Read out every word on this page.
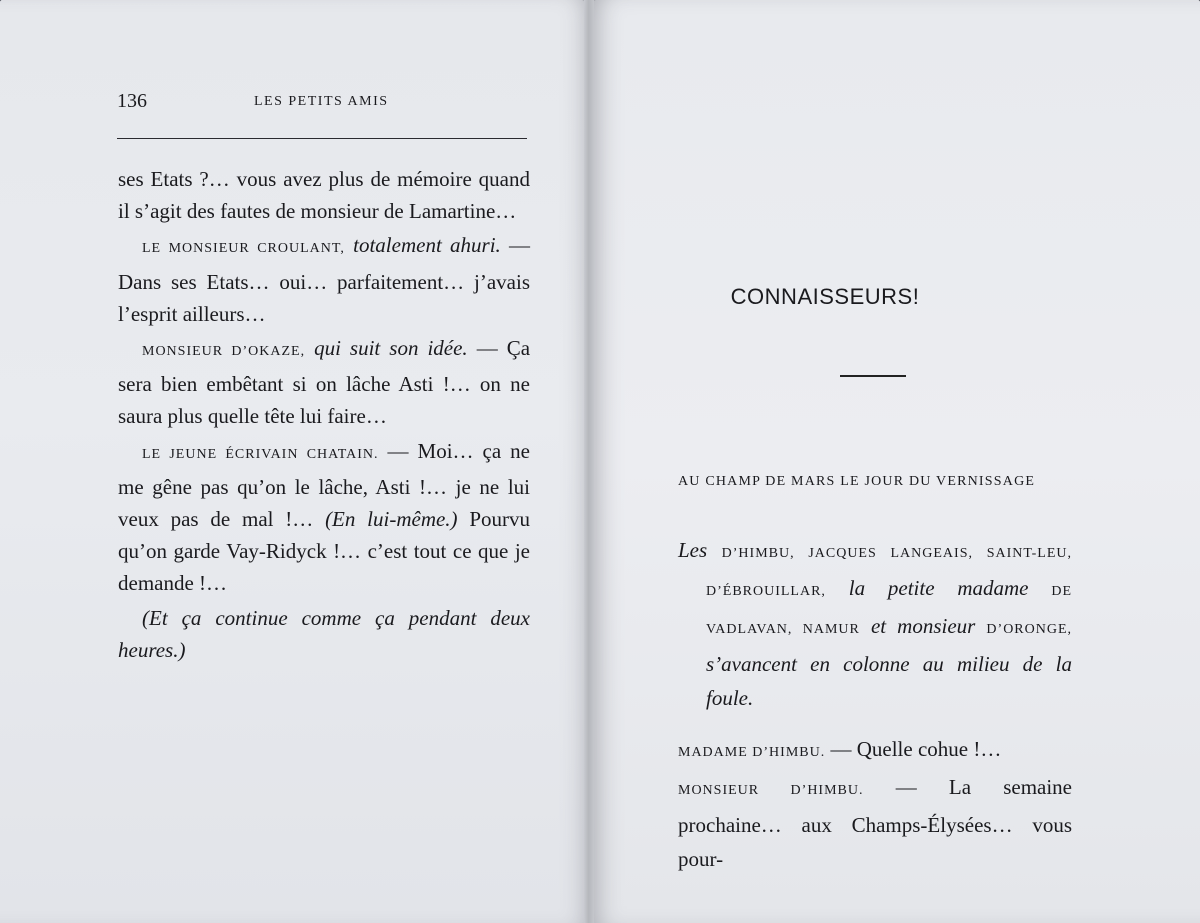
136	LES PETITS AMIS

ses Etats ?… vous avez plus de mémoire quand il s’agit des fautes de monsieur de Lamartine…

LE MONSIEUR CROULANT, totalement ahuri. — Dans ses Etats… oui… parfaitement… j’avais l’esprit ailleurs…

MONSIEUR D’OKAZE, qui suit son idée. — Ça sera bien embêtant si on lâche Asti !… on ne saura plus quelle tête lui faire…

LE JEUNE ÉCRIVAIN CHATAIN. — Moi… ça ne me gêne pas qu’on le lâche, Asti !… je ne lui veux pas de mal !… (En lui-même.) Pourvu qu’on garde Vay-Ridyck !… c’est tout ce que je demande !…

(Et ça continue comme ça pendant deux heures.)

CONNAISSEURS!
AU CHAMP DE MARS LE JOUR DU VERNISSAGE

Les D’HIMBU, JACQUES LANGEAIS, SAINT-LEU, D’ÉBROUILLAR, la petite madame DE VADLAVAN, NAMUR et monsieur D’ORONGE, s’avancent en colonne au milieu de la foule.

MADAME D’HIMBU. — Quelle cohue !…

MONSIEUR D’HIMBU. — La semaine prochaine… aux Champs-Élysées… vous pour-
